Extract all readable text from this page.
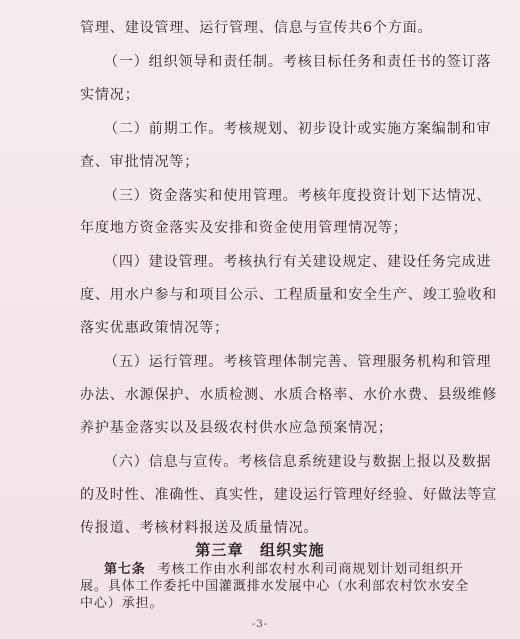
管理、建设管理、运行管理、信息与宣传共6个方面。
（一）组织领导和责任制。考核目标任务和责任书的签订落
实情况；
（二）前期工作。考核规划、初步设计或实施方案编制和审
查、审批情况等；
（三）资金落实和使用管理。考核年度投资计划下达情况、
年度地方资金落实及安排和资金使用管理情况等；
（四）建设管理。考核执行有关建设规定、建设任务完成进
度、用水户参与和项目公示、工程质量和安全生产、竣工验收和
落实优惠政策情况等；
（五）运行管理。考核管理体制完善、管理服务机构和管理
办法、水源保护、水质检测、水质合格率、水价水费、县级维修
养护基金落实以及县级农村供水应急预案情况；
（六）信息与宣传。考核信息系统建设与数据上报以及数据
的及时性、准确性、真实性，建设运行管理好经验、好做法等宣
传报道、考核材料报送及质量情况。
第三章　组织实施
第七条 考核工作由水利部农村水利司商规划计划司组织开
展。具体工作委托中国灌溉排水发展中心（水利部农村饮水安全
中心）承担。
-3-
